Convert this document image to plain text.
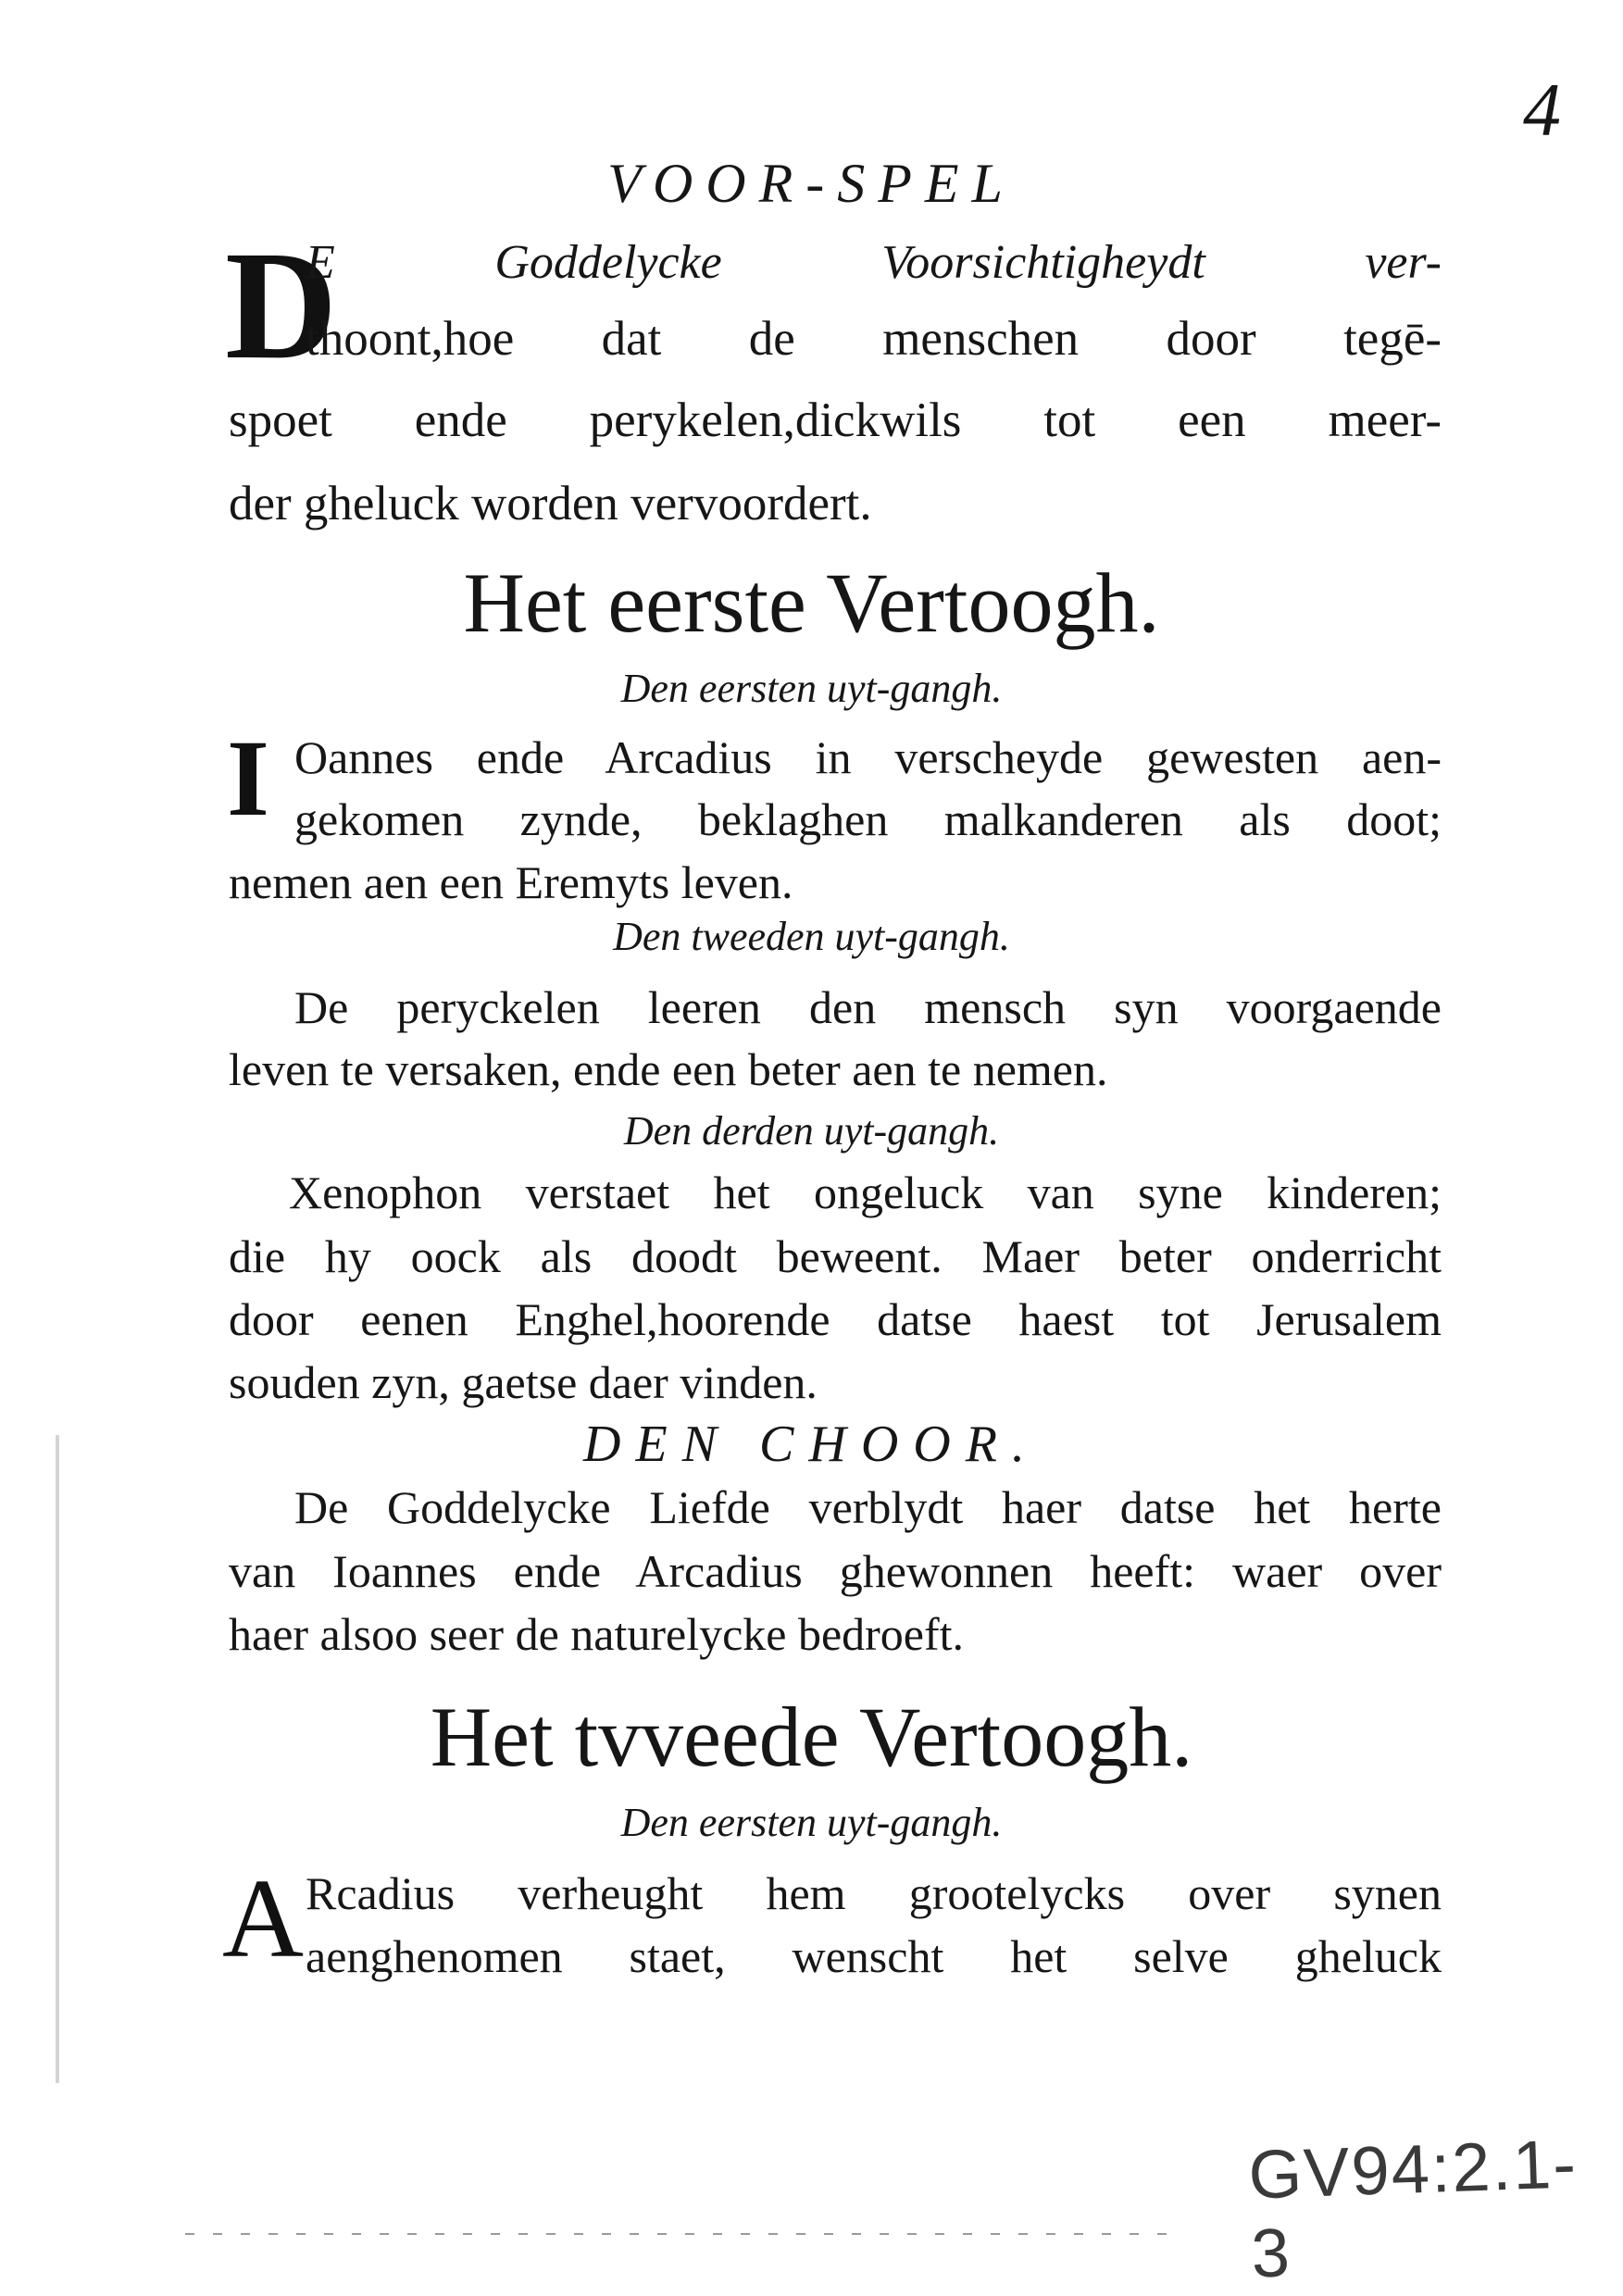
4
VOOR-SPEL
D
E Goddelycke Voorsichtigheydt ver-
thoont,hoe dat de menschen door tegē-
spoet ende perykelen,dickwils tot een meer-
der gheluck worden vervoordert.
Het eerste Vertoogh.
Den eersten uyt-gangh.
I Oannes ende Arcadius in verscheyde gewesten aen-
gekomen zynde, beklaghen malkanderen als doot;
nemen aen een Eremyts leven.
Den tweeden uyt-gangh.
De peryckelen leeren den mensch syn voorgaende
leven te versaken, ende een beter aen te nemen.
Den derden uyt-gangh.
Xenophon verstaet het ongeluck van syne kinderen;
die hy oock als doodt beweent. Maer beter onderricht
door eenen Enghel,hoorende datse haest tot Jerusalem
souden zyn, gaetse daer vinden.
DEN CHOOR.
De Goddelycke Liefde verblydt haer datse het herte
van Ioannes ende Arcadius ghewonnen heeft: waer over
haer alsoo seer de naturelycke bedroeft.
Het tvveede Vertoogh.
Den eersten uyt-gangh.
A Rcadius verheught hem grootelycks over synen
aenghenomen staet, wenscht het selve gheluck
GV94:2.1-3
